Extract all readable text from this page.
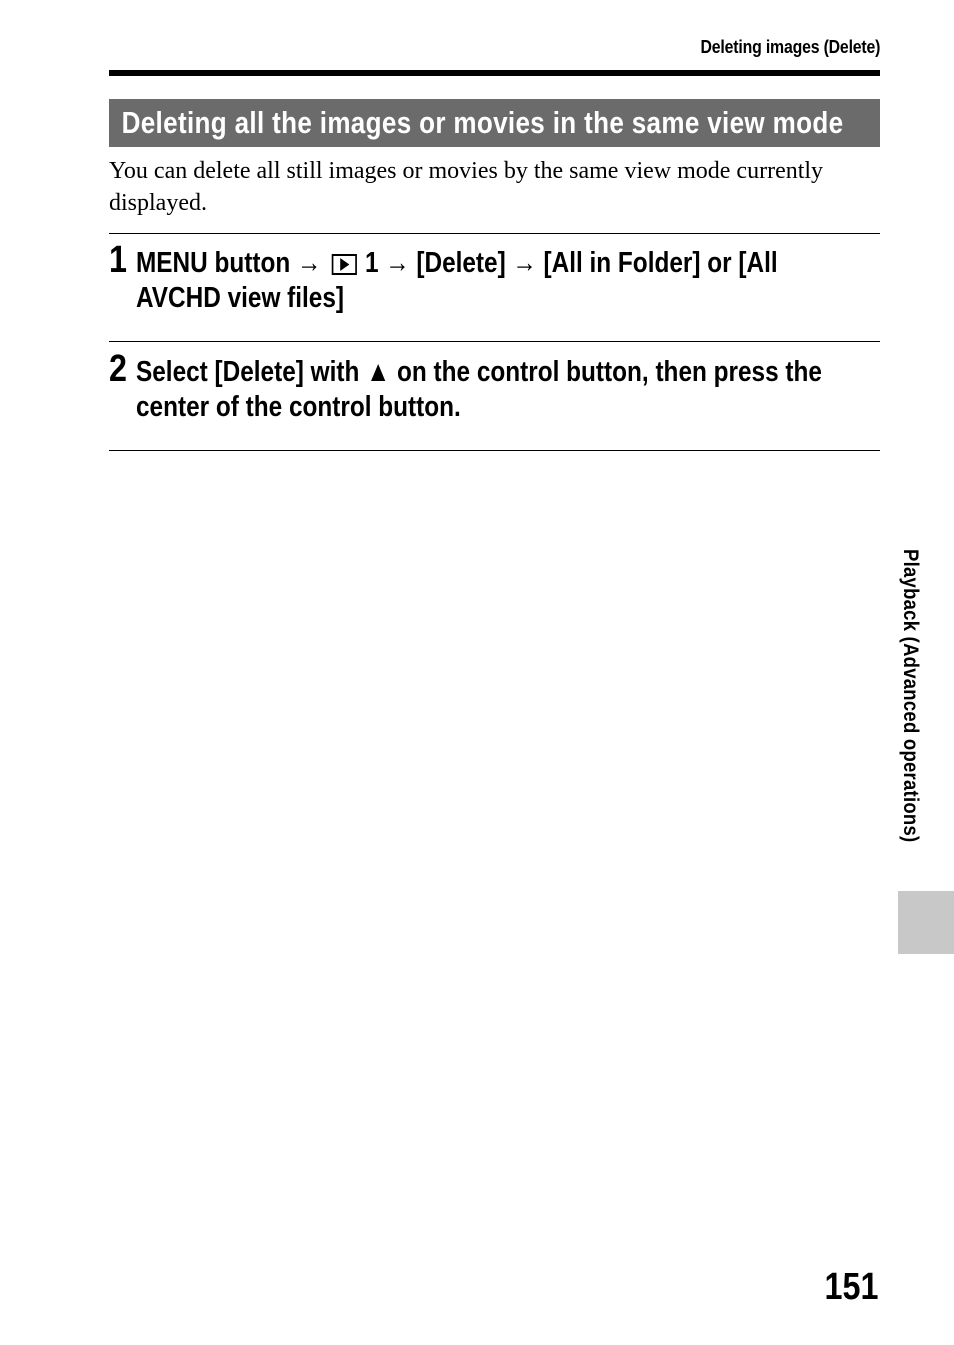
Deleting images (Delete)
Deleting all the images or movies in the same view mode
You can delete all still images or movies by the same view mode currently displayed.
1 MENU button → 1 → [Delete] → [All in Folder] or [All
AVCHD view files]
2 Select [Delete] with ▲ on the control button, then press the
center of the control button.
Playback (Advanced operations)
151
